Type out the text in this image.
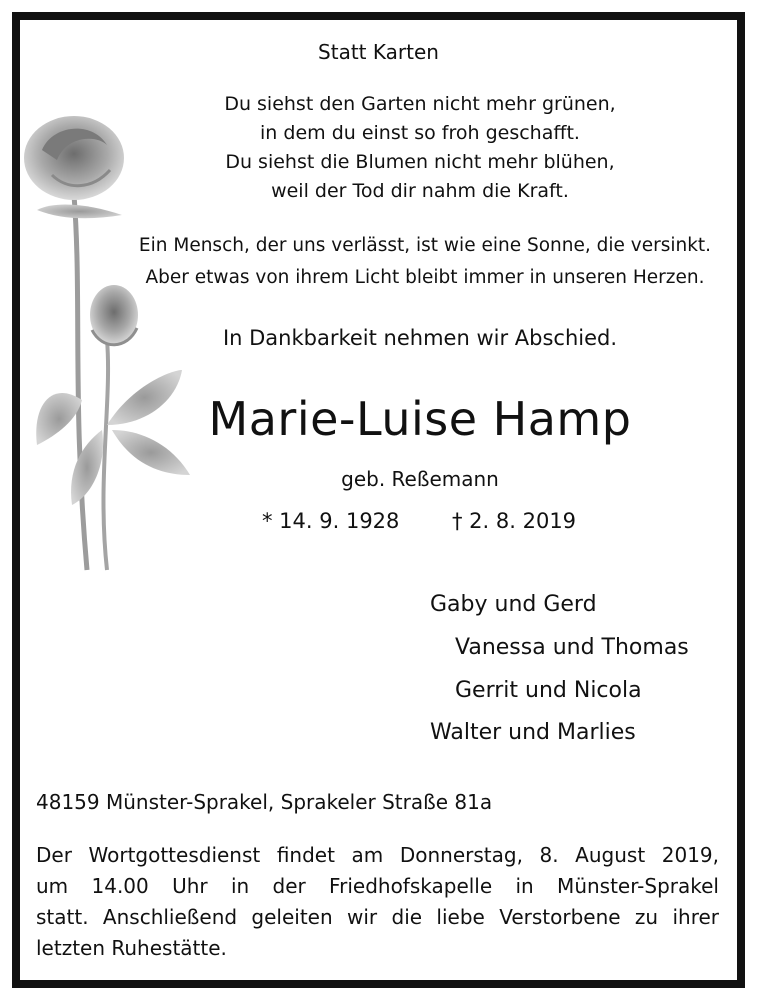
Statt Karten
Du siehst den Garten nicht mehr grünen,
in dem du einst so froh geschafft.
Du siehst die Blumen nicht mehr blühen,
weil der Tod dir nahm die Kraft.
Ein Mensch, der uns verlässt, ist wie eine Sonne, die versinkt.
Aber etwas von ihrem Licht bleibt immer in unseren Herzen.
In Dankbarkeit nehmen wir Abschied.
Marie-Luise Hamp
geb. Reßemann
* 14. 9. 1928	† 2. 8. 2019
Gaby und Gerd
Vanessa und Thomas
Gerrit und Nicola
Walter und Marlies
48159 Münster-Sprakel, Sprakeler Straße 81a
Der Wortgottesdienst findet am Donnerstag, 8. August 2019,
um 14.00 Uhr in der Friedhofskapelle in Münster-Sprakel
statt. Anschließend geleiten wir die liebe Verstorbene zu ihrer
letzten Ruhestätte.
